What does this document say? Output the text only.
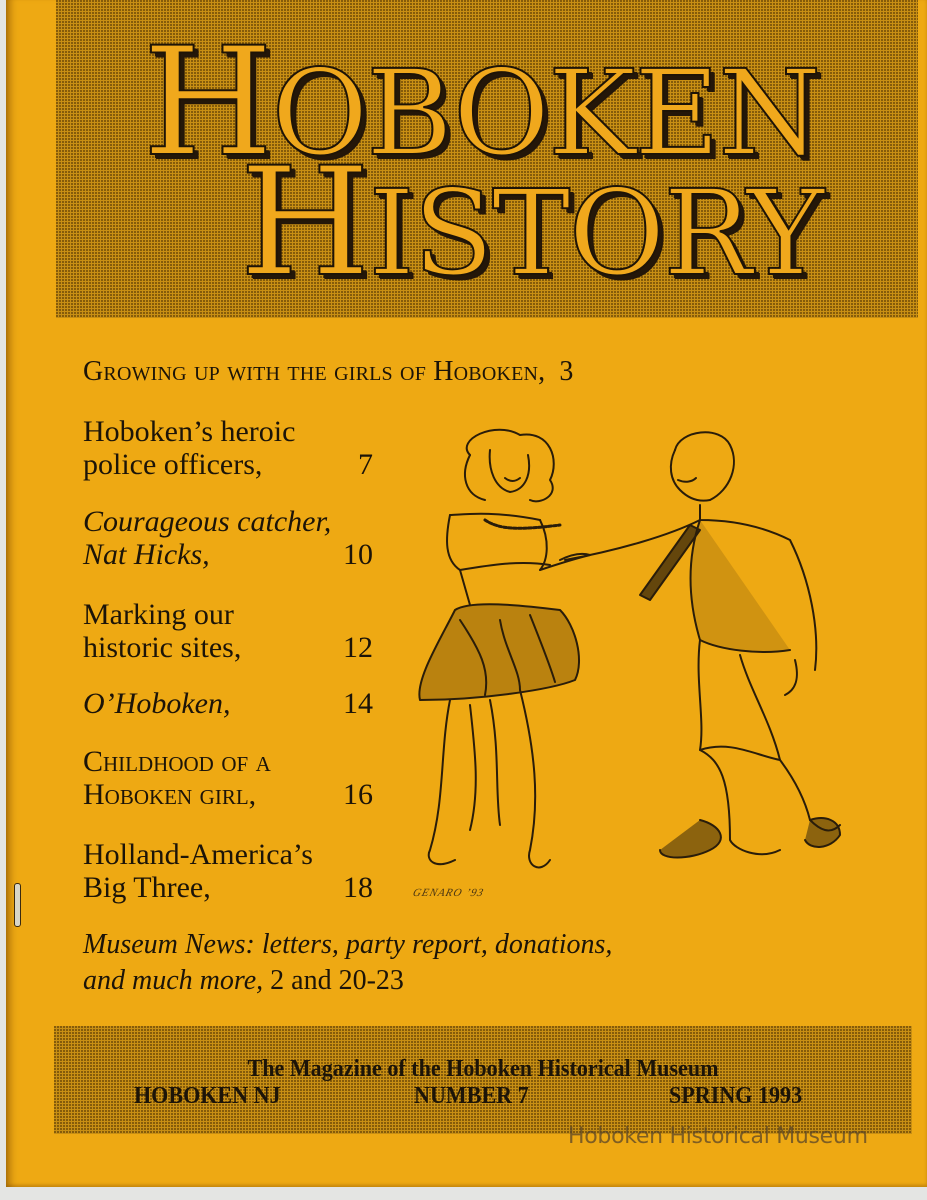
HOBOKEN
HISTORY
Growing up with the girls of Hoboken, 3
Hoboken’s heroic
police officers,	7
Courageous catcher,
Nat Hicks,	10
Marking our
historic sites,	12
O’Hoboken,	14
Childhood of a
Hoboken girl,	16
Holland-America’s
Big Three,	18
Museum News: letters, party report, donations,
and much more, 2 and 20-23
GENARO ’93
The Magazine of the Hoboken Historical Museum
HOBOKEN NJ	NUMBER 7	SPRING 1993
Hoboken Historical Museum
